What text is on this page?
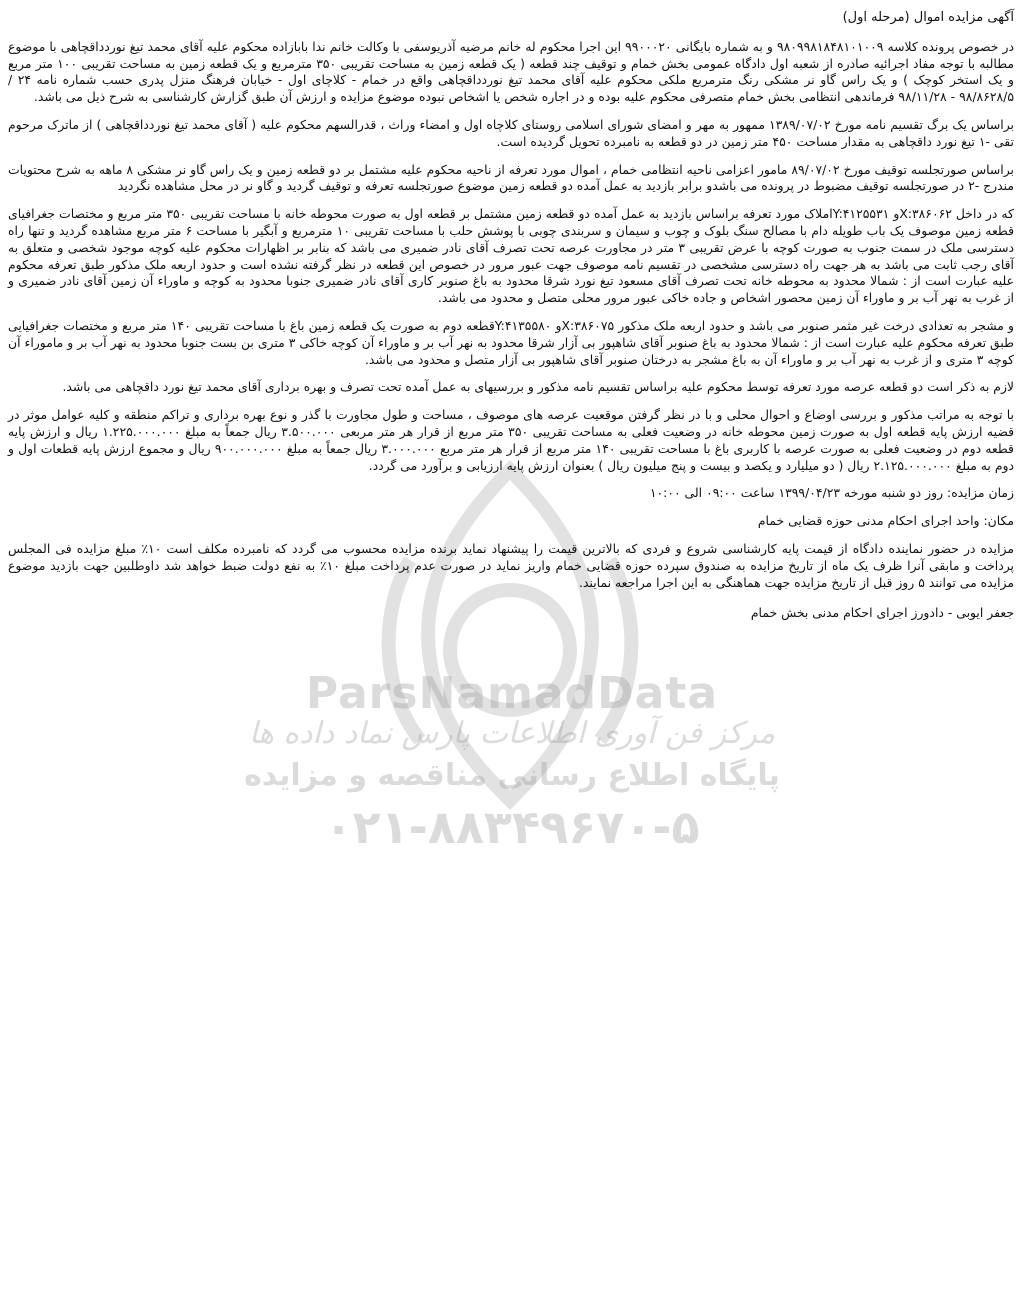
ParsNamadData
مرکز فن آوری اطلاعات پارس نماد داده ها
پایگاه اطلاع رسانی مناقصه و مزایده
۰۲۱-۸۸۳۴۹۶۷۰-۵

آگهی مزایده اموال (مرحله اول)

در خصوص پرونده کلاسه ۹۸۰۹۹۸۱۸۴۸۱۰۱۰۰۹ و به شماره بایگانی ۹۹۰۰۰۲۰ این اجرا محکوم له خانم مرضیه آذریوسفی با وکالت خانم ندا بابازاده محکوم علیه آقای محمد تیغ نوردداقچاهی با موضوع مطالبه با توجه مفاد اجرائیه صادره از شعبه اول دادگاه عمومی بخش خمام و توقیف چند قطعه ( یک قطعه زمین به مساحت تقریبی ۳۵۰ مترمربع و یک قطعه زمین به مساحت تقریبی ۱۰۰ متر مربع و یک استخر کوچک ) و یک راس گاو نر مشکی رنگ مترمربع ملکی محکوم علیه آقای محمد تیغ نوردداقچاهی واقع در خمام - کلاچای اول - خیابان فرهنگ منزل پدری حسب شماره نامه ۲۴ / ۹۸/۸۶۲۸/۵ - ۹۸/۱۱/۲۸ فرماندهی انتظامی بخش خمام متصرفی محکوم علیه بوده و در اجاره شخص یا اشخاص نبوده موضوع مزایده و ارزش آن طبق گزارش کارشناسی به شرح ذیل می باشد.

براساس یک برگ تقسیم نامه مورخ ۱۳۸۹/۰۷/۰۲ ممهور به مهر و امضای شورای اسلامی روستای کلاچاه اول و امضاء وراث ، قدرالسهم محکوم علیه ( آقای محمد تیغ نوردداقچاهی ) از ماترک مرحوم تقی -۱ تیغ نورد داقچاهی به مقدار مساحت ۴۵۰ متر زمین در دو قطعه به نامبرده تحویل گردیده است.

براساس صورتجلسه توقیف مورخ ۸۹/۰۷/۰۲ مامور اعزامی ناحیه انتظامی خمام ، اموال مورد تعرفه از ناحیه محکوم علیه مشتمل بر دو قطعه زمین و یک راس گاو نر مشکی ۸ ماهه به شرح محتویات مندرج -۲ در صورتجلسه توقیف مضبوط در پرونده می باشدو برابر بازدید به عمل آمده دو قطعه زمین موضوع صورتجلسه تعرفه و توقیف گردید و گاو نر در محل مشاهده نگردید

که در داخل X:۳۸۶۰۶۲و Y:۴۱۲۵۵۳۱املاک مورد تعرفه براساس بازدید به عمل آمده دو قطعه زمین مشتمل بر قطعه اول به صورت محوطه خانه با مساحت تقریبی ۳۵۰ متر مربع و مختصات جغرافیای قطعه زمین موصوف یک باب طویله دام با مصالح سنگ بلوک و چوب و سیمان و سربندی چوبی با پوشش حلب با مساحت تقریبی ۱۰ مترمربع و آبگیر با مساحت ۶ متر مربع مشاهده گردید و تنها راه دسترسی ملک در سمت جنوب به صورت کوچه با عرض تقریبی ۳ متر در مجاورت عرصه تحت تصرف آقای نادر ضمیری می باشد که بنابر بر اظهارات محکوم علیه کوچه موجود شخصی و متعلق به آقای رجب ثابت می باشد به هر جهت راه دسترسی مشخصی در تقسیم نامه موصوف جهت عبور مرور در خصوص این قطعه در نظر گرفته نشده است و حدود اربعه ملک مذکور طبق تعرفه محکوم علیه عبارت است از : شمالا محدود به محوطه خانه تحت تصرف آقای مسعود تیغ نورد شرقا محدود به باغ صنوبر کاری آقای نادر ضمیری جنوبا محدود به کوچه و ماوراء آن زمین آقای نادر ضمیری و از غرب به نهر آب بر و ماوراء آن زمین محصور اشخاص و جاده خاکی عبور مرور محلی متصل و محدود می باشد.

و مشجر به تعدادی درخت غیر مثمر صنوبر می باشد و حدود اربعه ملک مذکور X:۳۸۶۰۷۵و Y:۴۱۳۵۵۸۰قطعه دوم به صورت یک قطعه زمین باغ با مساحت تقریبی ۱۴۰ متر مربع و مختصات جغرافیایی طبق تعرفه محکوم علیه عبارت است از : شمالا محدود به باغ صنوبر آقای شاهپور بی آزار شرقا محدود به نهر آب بر و ماوراء آن کوچه خاکی ۳ متری بن بست جنوبا محدود به نهر آب بر و ماموراء آن کوچه ۳ متری و از غرب به نهر آب بر و ماوراء آن به باغ مشجر به درختان صنوبر آقای شاهپور بی آزار متصل و محدود می باشد.

لازم به ذکر است دو قطعه عرصه مورد تعرفه توسط محکوم علیه براساس تقسیم نامه مذکور و بررسیهای به عمل آمده تحت تصرف و بهره برداری آقای محمد تیغ نورد داقچاهی می باشد.

با توجه به مراتب مذکور و بررسی اوضاع و احوال محلی و با در نظر گرفتن موقعیت عرصه های موصوف ، مساحت و طول مجاورت با گذر و نوع بهره برداری و تراکم منطقه و کلیه عوامل موثر در قضیه ارزش پایه قطعه اول به صورت زمین محوطه خانه در وضعیت فعلی به مساحت تقریبی ۳۵۰ متر مربع از قرار هر متر مربعی ۳.۵۰۰.۰۰۰ ریال جمعاً به مبلغ ۱.۲۲۵.۰۰۰.۰۰۰ ریال و ارزش پایه قطعه دوم در وضعیت فعلی به صورت عرصه با کاربری باغ با مساحت تقریبی ۱۴۰ متر مربع از قرار هر متر مربع ۳.۰۰۰.۰۰۰ ریال جمعاً به مبلغ ۹۰۰.۰۰۰.۰۰۰ ریال و مجموع ارزش پایه قطعات اول و دوم به مبلغ ۲.۱۲۵.۰۰۰.۰۰۰ ریال ( دو میلیارد و یکصد و بیست و پنج میلیون ریال ) بعنوان ارزش پایه ارزیابی و برآورد می گردد.

زمان مزایده: روز دو شنبه مورخه ۱۳۹۹/۰۴/۲۳ ساعت ۰۹:۰۰ الی ۱۰:۰۰

مکان: واحد اجرای احکام مدنی حوزه قضایی خمام

مزایده در حضور نماینده دادگاه از قیمت پایه کارشناسی شروع و فردی که بالاترین قیمت را پیشنهاد نماید برنده مزایده محسوب می گردد که نامبرده مکلف است ۱۰٪ مبلغ مزایده فی المجلس پرداخت و مابقی آنرا ظرف یک ماه از تاریخ مزایده به صندوق سپرده حوزه قضایی خمام واریز نماید در صورت عدم پرداخت مبلغ ۱۰٪ به نفع دولت ضبط خواهد شد داوطلبین جهت بازدید موضوع مزایده می توانند ۵ روز قبل از تاریخ مزایده جهت هماهنگی به این اجرا مراجعه نمایند.

جعفر ایوبی - دادورز اجرای احکام مدنی بخش خمام
